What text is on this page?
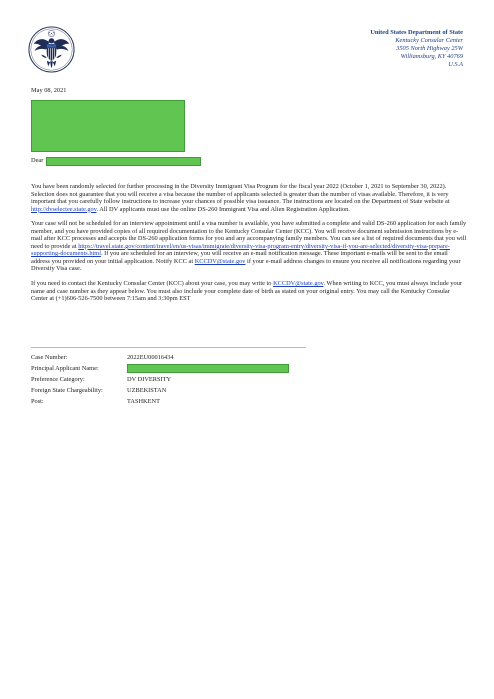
United States Department of State
Kentucky Consular Center
3505 North Highway 25W
Williamsburg, KY 40769
U.S.A
May 08, 2021
Dear

You have been randomly selected for further processing in the Diversity Immigrant Visa Program for the fiscal year 2022 (October 1, 2021 to September 30, 2022). Selection does not guarantee that you will receive a visa because the number of applicants selected is greater than the number of visas available. Therefore, it is very important that you carefully follow instructions to increase your chances of possible visa issuance. The instructions are located on the Department of State website at http://dvselectee.state.gov. All DV applicants must use the online DS-260 Immigrant Visa and Alien Registration Application.

Your case will not be scheduled for an interview appointment until a visa number is available, you have submitted a complete and valid DS-260 application for each family member, and you have provided copies of all required documentation to the Kentucky Consular Center (KCC). You will receive document submission instructions by e-mail after KCC processes and accepts the DS-260 application forms for you and any accompanying family members. You can see a list of required documents that you will need to provide at https://travel.state.gov/content/travel/en/us-visas/immigrate/diversity-visa-program-entry/diversity-visa-if-you-are-selected/diversity-visa-prepare-supporting-documents.html. If you are scheduled for an interview, you will receive an e-mail notification message. These important e-mails will be sent to the email address you provided on your initial application. Notify KCC at KCCDV@state.gov if your e-mail address changes to ensure you receive all notifications regarding your Diversity Visa case.

If you need to contact the Kentucky Consular Center (KCC) about your case, you may write to KCCDV@state.gov. When writing to KCC, you must always include your name and case number as they appear below. You must also include your complete date of birth as stated on your original entry. You may call the Kentucky Consular Center at (+1)606-526-7500 between 7:15am and 3:30pm EST

Case Number:	2022EU00016434
Principal Applicant Name:	
Preference Category:	DV DIVERSITY
Foreign State Chargeability:	UZBEKISTAN
Post:	TASHKENT
